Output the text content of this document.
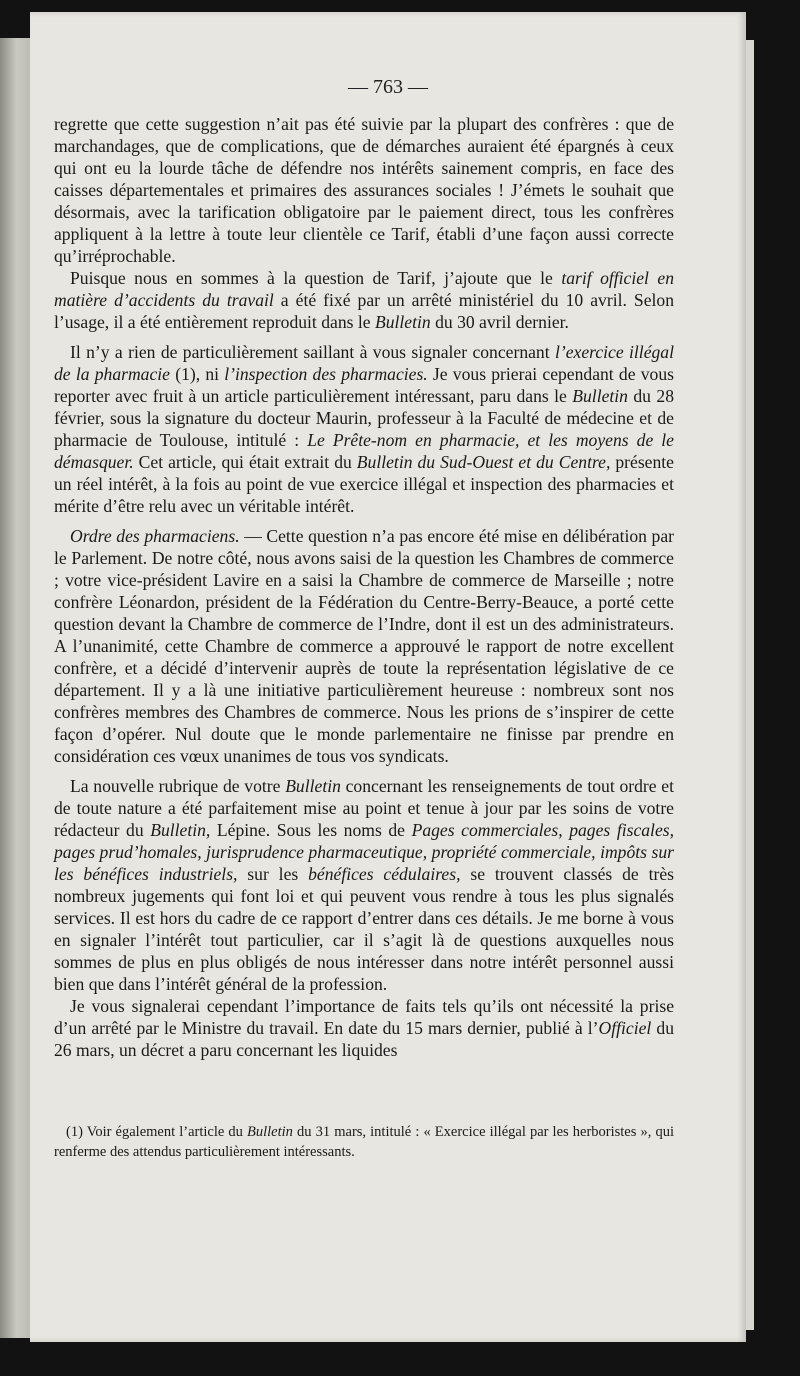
— 763 —

regrette que cette suggestion n’ait pas été suivie par la plupart des confrères : que de marchandages, que de complications, que de démarches auraient été épargnés à ceux qui ont eu la lourde tâche de défendre nos intérêts sainement compris, en face des caisses départementales et primaires des assurances sociales ! J’émets le souhait que désormais, avec la tarification obligatoire par le paiement direct, tous les confrères appliquent à la lettre à toute leur clientèle ce Tarif, établi d’une façon aussi correcte qu’irréprochable.

Puisque nous en sommes à la question de Tarif, j’ajoute que le tarif officiel en matière d’accidents du travail a été fixé par un arrêté ministériel du 10 avril. Selon l’usage, il a été entièrement reproduit dans le Bulletin du 30 avril dernier.

Il n’y a rien de particulièrement saillant à vous signaler concernant l’exercice illégal de la pharmacie (1), ni l’inspection des pharmacies. Je vous prierai cependant de vous reporter avec fruit à un article particulièrement intéressant, paru dans le Bulletin du 28 février, sous la signature du docteur Maurin, professeur à la Faculté de médecine et de pharmacie de Toulouse, intitulé : Le Prête-nom en pharmacie, et les moyens de le démasquer. Cet article, qui était extrait du Bulletin du Sud-Ouest et du Centre, présente un réel intérêt, à la fois au point de vue exercice illégal et inspection des pharmacies et mérite d’être relu avec un véritable intérêt.

Ordre des pharmaciens. — Cette question n’a pas encore été mise en délibération par le Parlement. De notre côté, nous avons saisi de la question les Chambres de commerce ; votre vice-président Lavire en a saisi la Chambre de commerce de Marseille ; notre confrère Léonardon, président de la Fédération du Centre-Berry-Beauce, a porté cette question devant la Chambre de commerce de l’Indre, dont il est un des administrateurs. A l’unanimité, cette Chambre de commerce a approuvé le rapport de notre excellent confrère, et a décidé d’intervenir auprès de toute la représentation législative de ce département. Il y a là une initiative particulièrement heureuse : nombreux sont nos confrères membres des Chambres de commerce. Nous les prions de s’inspirer de cette façon d’opérer. Nul doute que le monde parlementaire ne finisse par prendre en considération ces vœux unanimes de tous vos syndicats.

La nouvelle rubrique de votre Bulletin concernant les renseignements de tout ordre et de toute nature a été parfaitement mise au point et tenue à jour par les soins de votre rédacteur du Bulletin, Lépine. Sous les noms de Pages commerciales, pages fiscales, pages prud’homales, jurisprudence pharmaceutique, propriété commerciale, impôts sur les bénéfices industriels, sur les bénéfices cédulaires, se trouvent classés de très nombreux jugements qui font loi et qui peuvent vous rendre à tous les plus signalés services. Il est hors du cadre de ce rapport d’entrer dans ces détails. Je me borne à vous en signaler l’intérêt tout particulier, car il s’agit là de questions auxquelles nous sommes de plus en plus obligés de nous intéresser dans notre intérêt personnel aussi bien que dans l’intérêt général de la profession.

Je vous signalerai cependant l’importance de faits tels qu’ils ont nécessité la prise d’un arrêté par le Ministre du travail. En date du 15 mars dernier, publié à l’Officiel du 26 mars, un décret a paru concernant les liquides

(1) Voir également l’article du Bulletin du 31 mars, intitulé : « Exercice illégal par les herboristes », qui renferme des attendus particulièrement intéressants.
